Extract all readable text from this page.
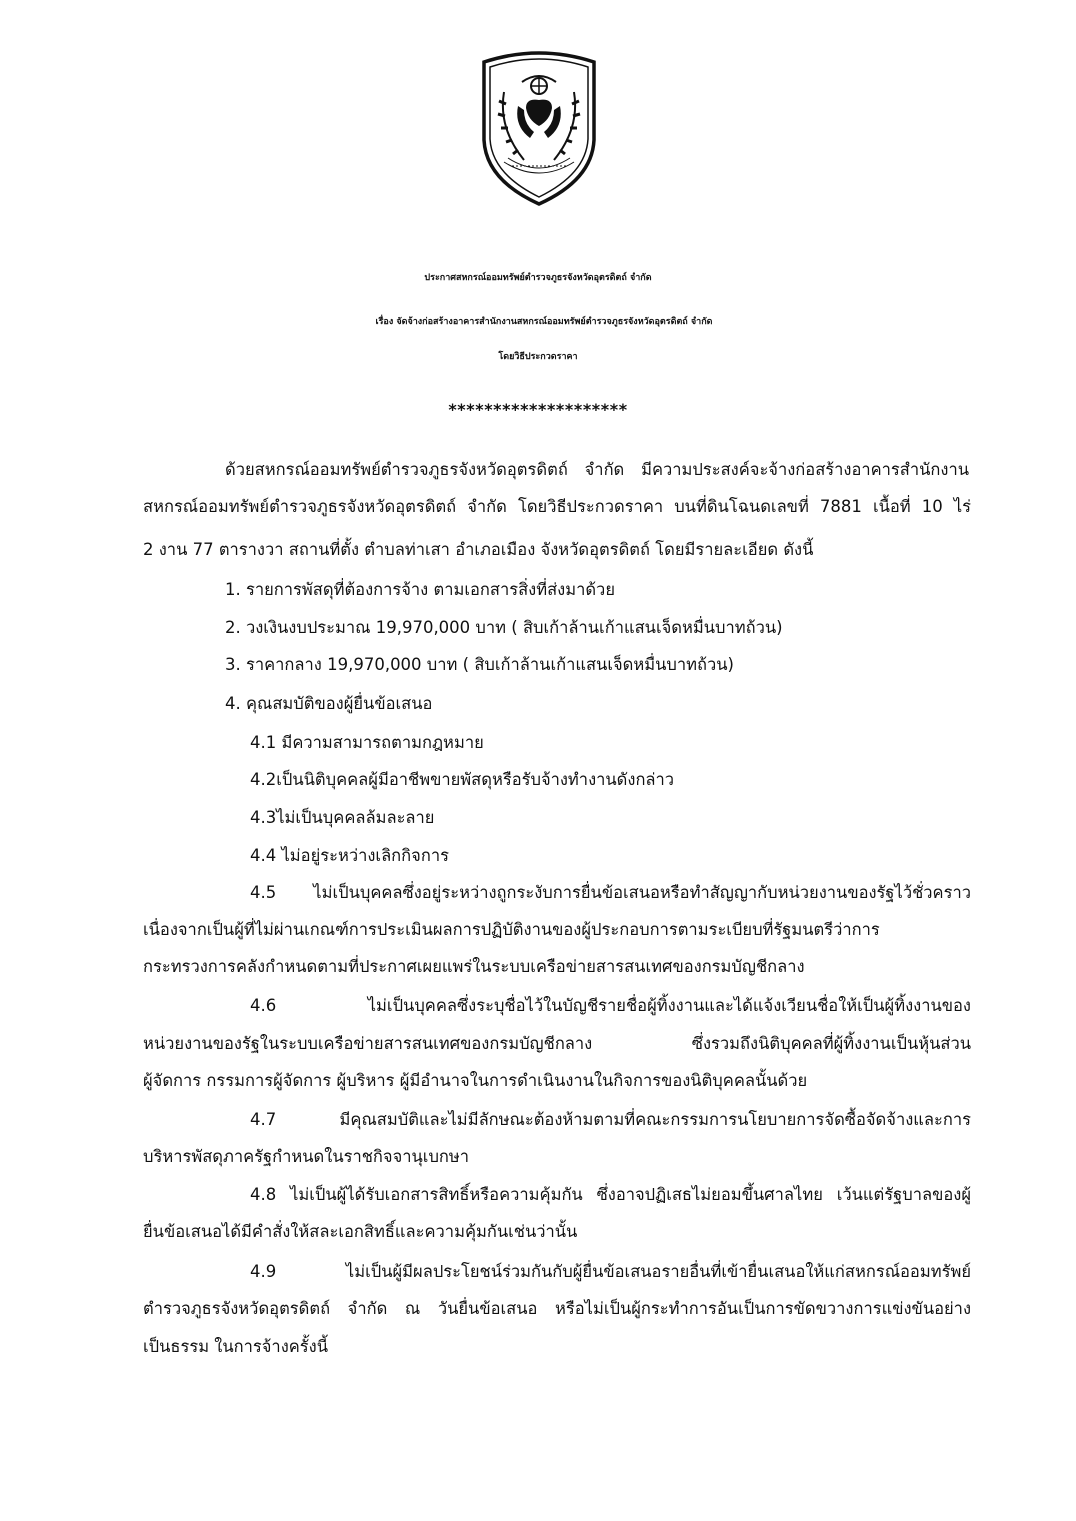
ประกาศสหกรณ์ออมทรัพย์ตำรวจภูธรจังหวัดอุตรดิตถ์ จำกัด
เรื่อง จัดจ้างก่อสร้างอาคารสำนักงานสหกรณ์ออมทรัพย์ตำรวจภูธรจังหวัดอุตรดิตถ์ จำกัด
โดยวิธีประกวดราคา
********************
ด้วยสหกรณ์ออมทรัพย์ตำรวจภูธรจังหวัดอุตรดิตถ์ จำกัด มีความประสงค์จะจ้างก่อสร้างอาคารสำนักงาน
สหกรณ์ออมทรัพย์ตำรวจภูธรจังหวัดอุตรดิตถ์ จำกัด โดยวิธีประกวดราคา บนที่ดินโฉนดเลขที่ 7881 เนื้อที่ 10 ไร่
2 งาน 77 ตารางวา สถานที่ตั้ง ตำบลท่าเสา อำเภอเมือง จังหวัดอุตรดิตถ์ โดยมีรายละเอียด ดังนี้
1. รายการพัสดุที่ต้องการจ้าง ตามเอกสารสิ่งที่ส่งมาด้วย
2. วงเงินงบประมาณ 19,970,000 บาท ( สิบเก้าล้านเก้าแสนเจ็ดหมื่นบาทถ้วน)
3. ราคากลาง 19,970,000 บาท ( สิบเก้าล้านเก้าแสนเจ็ดหมื่นบาทถ้วน)
4. คุณสมบัติของผู้ยื่นข้อเสนอ
4.1 มีความสามารถตามกฎหมาย
4.2เป็นนิติบุคคลผู้มีอาชีพขายพัสดุหรือรับจ้างทำงานดังกล่าว
4.3ไม่เป็นบุคคลล้มละลาย
4.4 ไม่อยู่ระหว่างเลิกกิจการ
4.5 ไม่เป็นบุคคลซึ่งอยู่ระหว่างถูกระงับการยื่นข้อเสนอหรือทำสัญญากับหน่วยงานของรัฐไว้ชั่วคราว
เนื่องจากเป็นผู้ที่ไม่ผ่านเกณฑ์การประเมินผลการปฏิบัติงานของผู้ประกอบการตามระเบียบที่รัฐมนตรีว่าการ
กระทรวงการคลังกำหนดตามที่ประกาศเผยแพร่ในระบบเครือข่ายสารสนเทศของกรมบัญชีกลาง
4.6 ไม่เป็นบุคคลซึ่งระบุชื่อไว้ในบัญชีรายชื่อผู้ทิ้งงานและได้แจ้งเวียนชื่อให้เป็นผู้ทิ้งงานของ
หน่วยงานของรัฐในระบบเครือข่ายสารสนเทศของกรมบัญชีกลาง ซึ่งรวมถึงนิติบุคคลที่ผู้ทิ้งงานเป็นหุ้นส่วน
ผู้จัดการ กรรมการผู้จัดการ ผู้บริหาร ผู้มีอำนาจในการดำเนินงานในกิจการของนิติบุคคลนั้นด้วย
4.7 มีคุณสมบัติและไม่มีลักษณะต้องห้ามตามที่คณะกรรมการนโยบายการจัดซื้อจัดจ้างและการ
บริหารพัสดุภาครัฐกำหนดในราชกิจจานุเบกษา
4.8 ไม่เป็นผู้ได้รับเอกสารสิทธิ์หรือความคุ้มกัน ซึ่งอาจปฏิเสธไม่ยอมขึ้นศาลไทย เว้นแต่รัฐบาลของผู้
ยื่นข้อเสนอได้มีคำสั่งให้สละเอกสิทธิ์และความคุ้มกันเช่นว่านั้น
4.9 ไม่เป็นผู้มีผลประโยชน์ร่วมกันกับผู้ยื่นข้อเสนอรายอื่นที่เข้ายื่นเสนอให้แก่สหกรณ์ออมทรัพย์
ตำรวจภูธรจังหวัดอุตรดิตถ์ จำกัด ณ วันยื่นข้อเสนอ หรือไม่เป็นผู้กระทำการอันเป็นการขัดขวางการแข่งขันอย่าง
เป็นธรรม ในการจ้างครั้งนี้
